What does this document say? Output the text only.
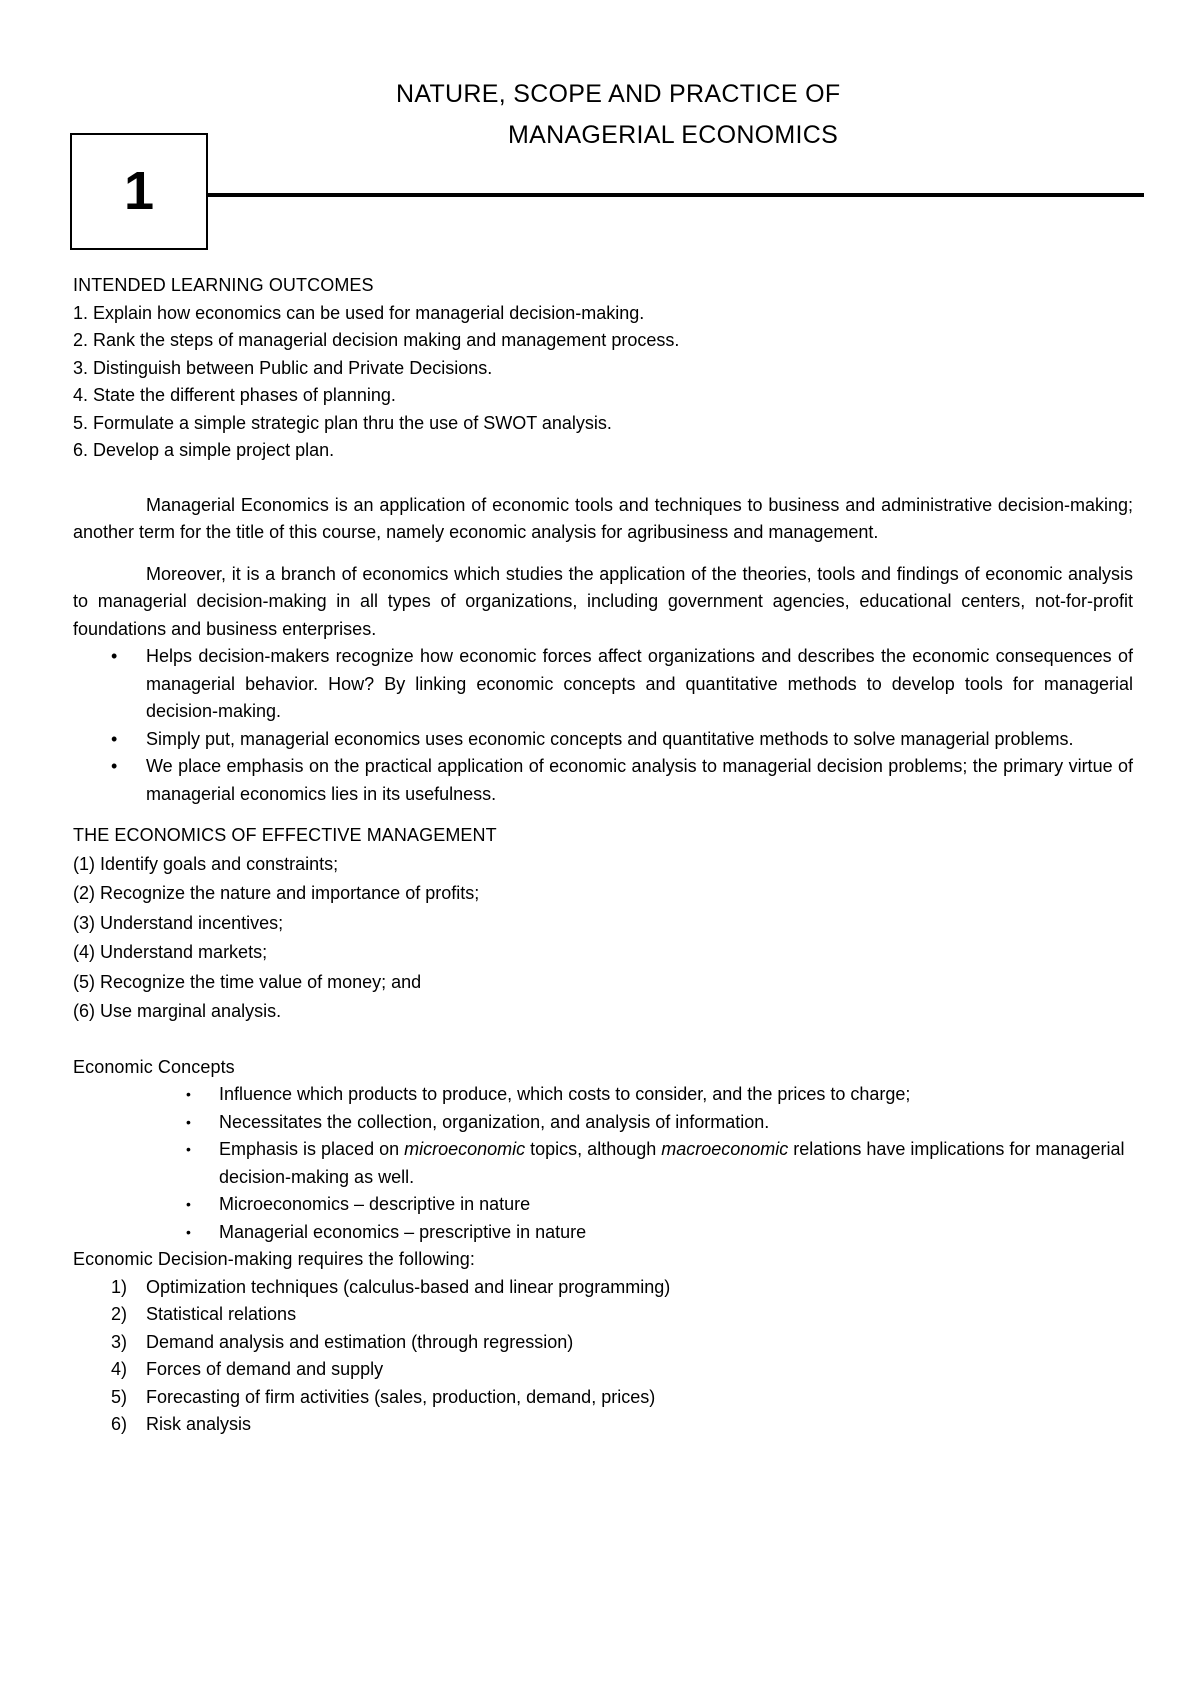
NATURE, SCOPE AND PRACTICE OF
MANAGERIAL ECONOMICS
1
INTENDED LEARNING OUTCOMES
1. Explain how economics can be used for managerial decision-making.
2. Rank the steps of managerial decision making and management process.
3. Distinguish between Public and Private Decisions.
4. State the different phases of planning.
5. Formulate a simple strategic plan thru the use of SWOT analysis.
6. Develop a simple project plan.

Managerial Economics is an application of economic tools and techniques to business and administrative decision-making; another term for the title of this course, namely economic analysis for agribusiness and management.

Moreover, it is a branch of economics which studies the application of the theories, tools and findings of economic analysis to managerial decision-making in all types of organizations, including government agencies, educational centers, not-for-profit foundations and business enterprises.

• Helps decision-makers recognize how economic forces affect organizations and describes the economic consequences of managerial behavior. How? By linking economic concepts and quantitative methods to develop tools for managerial decision-making.
• Simply put, managerial economics uses economic concepts and quantitative methods to solve managerial problems.
• We place emphasis on the practical application of economic analysis to managerial decision problems; the primary virtue of managerial economics lies in its usefulness.
THE ECONOMICS OF EFFECTIVE MANAGEMENT
(1) Identify goals and constraints;
(2) Recognize the nature and importance of profits;
(3) Understand incentives;
(4) Understand markets;
(5) Recognize the time value of money; and
(6) Use marginal analysis.
Economic Concepts
• Influence which products to produce, which costs to consider, and the prices to charge;
• Necessitates the collection, organization, and analysis of information.
• Emphasis is placed on microeconomic topics, although macroeconomic relations have implications for managerial decision-making as well.
• Microeconomics – descriptive in nature
• Managerial economics – prescriptive in nature
Economic Decision-making requires the following:
1) Optimization techniques (calculus-based and linear programming)
2) Statistical relations
3) Demand analysis and estimation (through regression)
4) Forces of demand and supply
5) Forecasting of firm activities (sales, production, demand, prices)
6) Risk analysis
